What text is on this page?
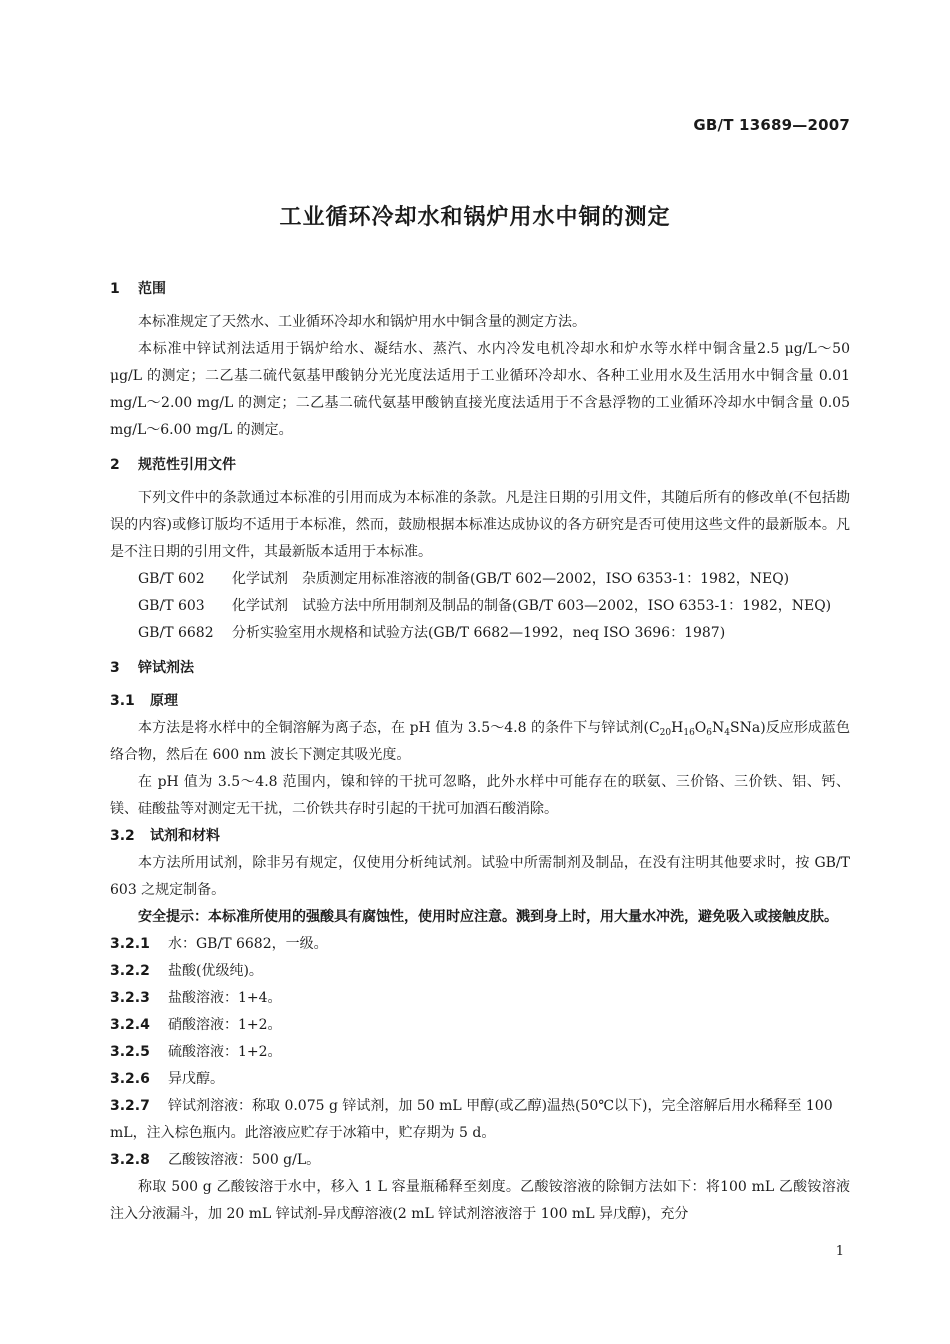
GB/T 13689—2007
工业循环冷却水和锅炉用水中铜的测定
1 范围
本标准规定了天然水、工业循环冷却水和锅炉用水中铜含量的测定方法。
本标准中锌试剂法适用于锅炉给水、凝结水、蒸汽、水内冷发电机冷却水和炉水等水样中铜含量2.5 μg/L～50 μg/L 的测定；二乙基二硫代氨基甲酸钠分光光度法适用于工业循环冷却水、各种工业用水及生活用水中铜含量 0.01 mg/L～2.00 mg/L 的测定；二乙基二硫代氨基甲酸钠直接光度法适用于不含悬浮物的工业循环冷却水中铜含量 0.05 mg/L～6.00 mg/L 的测定。
2 规范性引用文件
下列文件中的条款通过本标准的引用而成为本标准的条款。凡是注日期的引用文件，其随后所有的修改单(不包括勘误的内容)或修订版均不适用于本标准，然而，鼓励根据本标准达成协议的各方研究是否可使用这些文件的最新版本。凡是不注日期的引用文件，其最新版本适用于本标准。
GB/T 602 化学试剂　杂质测定用标准溶液的制备(GB/T 602—2002，ISO 6353-1：1982，NEQ)
GB/T 603 化学试剂　试验方法中所用制剂及制品的制备(GB/T 603—2002，ISO 6353-1：1982，NEQ)
GB/T 6682 分析实验室用水规格和试验方法(GB/T 6682—1992，neq ISO 3696：1987)
3 锌试剂法
3.1 原理
本方法是将水样中的全铜溶解为离子态，在 pH 值为 3.5～4.8 的条件下与锌试剂$(C_{20}H_{16}O_6N_4SNa)$反应形成蓝色络合物，然后在 600 nm 波长下测定其吸光度。
在 pH 值为 3.5～4.8 范围内，镍和锌的干扰可忽略，此外水样中可能存在的联氨、三价铬、三价铁、铝、钙、镁、硅酸盐等对测定无干扰，二价铁共存时引起的干扰可加酒石酸消除。
3.2 试剂和材料
本方法所用试剂，除非另有规定，仅使用分析纯试剂。试验中所需制剂及制品，在没有注明其他要求时，按 GB/T 603 之规定制备。
安全提示：本标准所使用的强酸具有腐蚀性，使用时应注意。溅到身上时，用大量水冲洗，避免吸入或接触皮肤。
3.2.1 水：GB/T 6682，一级。
3.2.2 盐酸(优级纯)。
3.2.3 盐酸溶液：1+4。
3.2.4 硝酸溶液：1+2。
3.2.5 硫酸溶液：1+2。
3.2.6 异戊醇。
3.2.7 锌试剂溶液：称取 0.075 g 锌试剂，加 50 mL 甲醇(或乙醇)温热(50℃以下)，完全溶解后用水稀释至 100 mL，注入棕色瓶内。此溶液应贮存于冰箱中，贮存期为 5 d。
3.2.8 乙酸铵溶液：500 g/L。
称取 500 g 乙酸铵溶于水中，移入 1 L 容量瓶稀释至刻度。乙酸铵溶液的除铜方法如下：将100 mL 乙酸铵溶液注入分液漏斗，加 20 mL 锌试剂-异戊醇溶液(2 mL 锌试剂溶液溶于 100 mL 异戊醇)，充分
1
